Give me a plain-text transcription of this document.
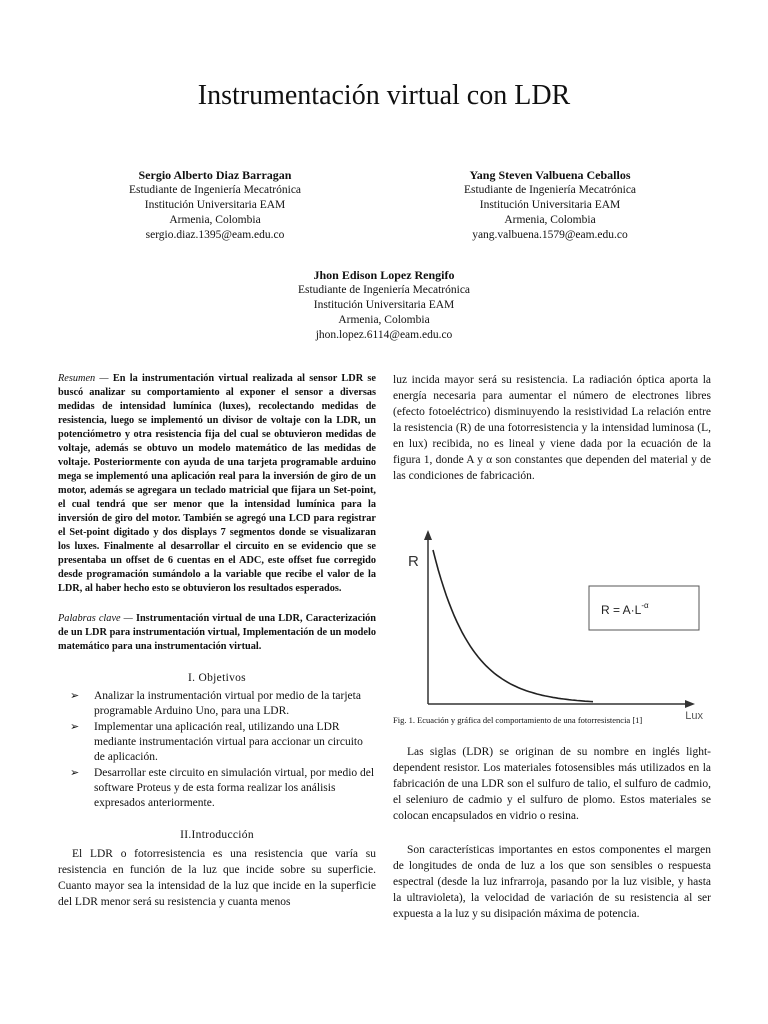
Instrumentación virtual con LDR
Sergio Alberto Diaz Barragan
Estudiante de Ingeniería Mecatrónica
Institución Universitaria EAM
Armenia, Colombia
sergio.diaz.1395@eam.edu.co
Yang Steven Valbuena Ceballos
Estudiante de Ingeniería Mecatrónica
Institución Universitaria EAM
Armenia, Colombia
yang.valbuena.1579@eam.edu.co
Jhon Edison Lopez Rengifo
Estudiante de Ingeniería Mecatrónica
Institución Universitaria EAM
Armenia, Colombia
jhon.lopez.6114@eam.edu.co

Resumen — En la instrumentación virtual realizada al sensor LDR se buscó analizar su comportamiento al exponer el sensor a diversas medidas de intensidad lumínica (luxes), recolectando medidas de resistencia, luego se implementó un divisor de voltaje con la LDR, un potenciómetro y otra resistencia fija del cual se obtuvieron medidas de voltaje, además se obtuvo un modelo matemático de las medidas de voltaje. Posteriormente con ayuda de una tarjeta programable arduino mega se implementó una aplicación real para la inversión de giro de un motor, además se agregara un teclado matricial que fijara un Set-point, el cual tendrá que ser menor que la intensidad lumínica para la inversión de giro del motor. También se agregó una LCD para registrar el Set-point digitado y dos displays 7 segmentos donde se visualizaran los luxes. Finalmente al desarrollar el circuito en se evidencio que se presentaba un offset de 6 cuentas en el ADC, este offset fue corregido desde programación sumándolo a la variable que recibe el valor de la LDR, al haber hecho esto se obtuvieron los resultados esperados.

Palabras clave — Instrumentación virtual de una LDR, Caracterización de un LDR para instrumentación virtual, Implementación de un modelo matemático para una instrumentación virtual.

I. Objetivos
➢ Analizar la instrumentación virtual por medio de la tarjeta programable Arduino Uno, para una LDR.
➢ Implementar una aplicación real, utilizando una LDR mediante instrumentación virtual para accionar un circuito de aplicación.
➢ Desarrollar este circuito en simulación virtual, por medio del software Proteus y de esta forma realizar los análisis expresados anteriormente.
II.Introducción

El LDR o fotorresistencia es una resistencia que varía su resistencia en función de la luz que incide sobre su superficie. Cuanto mayor sea la intensidad de la luz que incide en la superficie del LDR menor será su resistencia y cuanta menos

luz incida mayor será su resistencia. La radiación óptica aporta la energía necesaria para aumentar el número de electrones libres (efecto fotoeléctrico) disminuyendo la resistividad La relación entre la resistencia (R) de una fotorresistencia y la intensidad luminosa (L, en lux) recibida, no es lineal y viene dada por la ecuación de la figura 1, donde A y α son constantes que dependen del material y de las condiciones de fabricación.

R
$R = A\cdot L^{-\alpha}$
Lux

Fig. 1. Ecuación y gráfica del comportamiento de una fotorresistencia [1]

Las siglas (LDR) se originan de su nombre en inglés light-dependent resistor. Los materiales fotosensibles más utilizados en la fabricación de una LDR son el sulfuro de talio, el sulfuro de cadmio, el seleniuro de cadmio y el sulfuro de plomo. Estos materiales se colocan encapsulados en vidrio o resina.

Son características importantes en estos componentes el margen de longitudes de onda de luz a los que son sensibles o respuesta espectral (desde la luz infrarroja, pasando por la luz visible, y hasta la ultravioleta), la velocidad de variación de su resistencia al ser expuesta a la luz y su disipación máxima de potencia.
